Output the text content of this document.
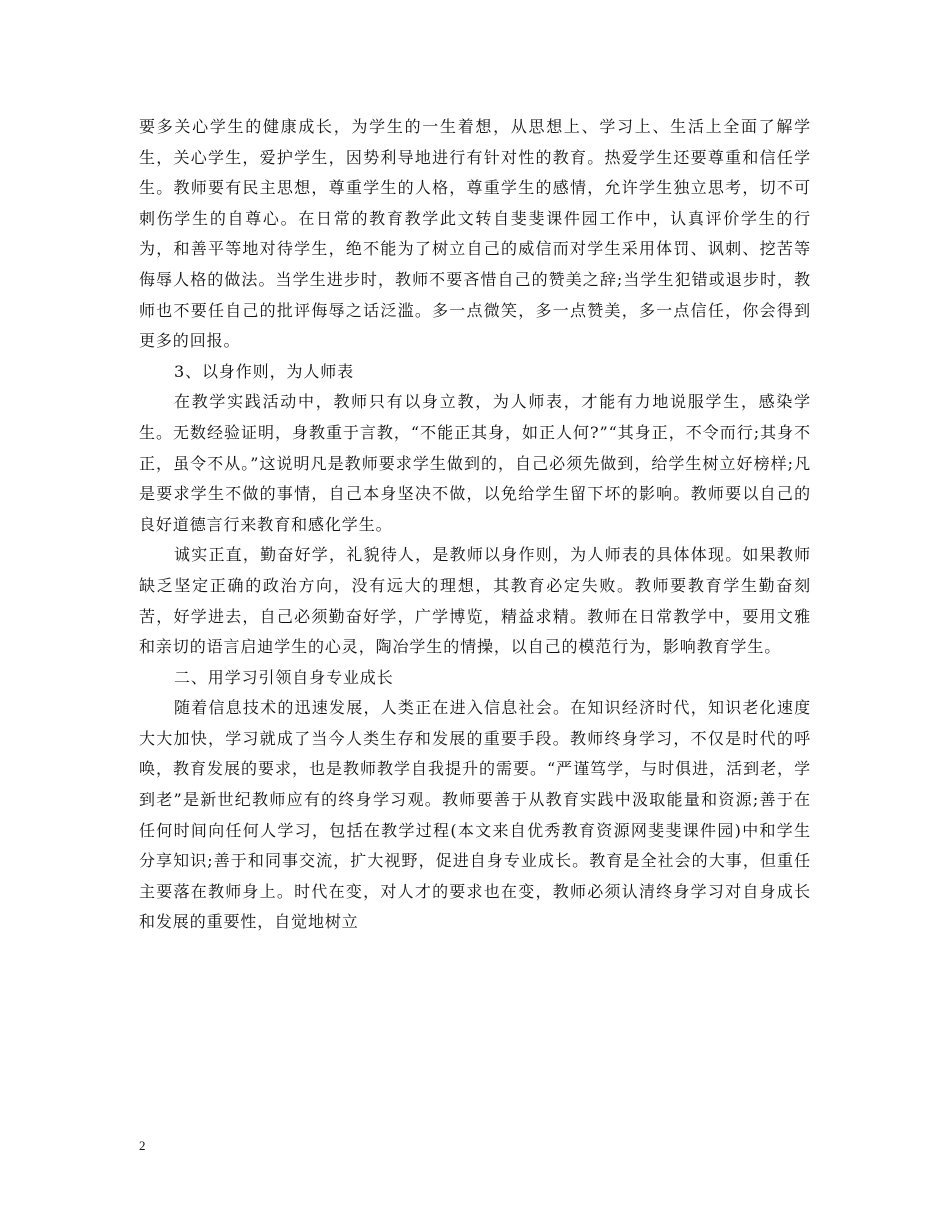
要多关心学生的健康成长，为学生的一生着想，从思想上、学习上、生活上全面了解学生，关心学生，爱护学生，因势利导地进行有针对性的教育。热爱学生还要尊重和信任学生。教师要有民主思想，尊重学生的人格，尊重学生的感情，允许学生独立思考，切不可刺伤学生的自尊心。在日常的教育教学此文转自斐斐课件园工作中，认真评价学生的行为，和善平等地对待学生，绝不能为了树立自己的威信而对学生采用体罚、讽刺、挖苦等侮辱人格的做法。当学生进步时，教师不要吝惜自己的赞美之辞;当学生犯错或退步时，教师也不要任自己的批评侮辱之话泛滥。多一点微笑，多一点赞美，多一点信任，你会得到更多的回报。

3、以身作则，为人师表

在教学实践活动中，教师只有以身立教，为人师表，才能有力地说服学生，感染学生。无数经验证明，身教重于言教，“不能正其身，如正人何?”“其身正，不令而行;其身不正，虽令不从。”这说明凡是教师要求学生做到的，自己必须先做到，给学生树立好榜样;凡是要求学生不做的事情，自己本身坚决不做，以免给学生留下坏的影响。教师要以自己的良好道德言行来教育和感化学生。

诚实正直，勤奋好学，礼貌待人，是教师以身作则，为人师表的具体体现。如果教师缺乏坚定正确的政治方向，没有远大的理想，其教育必定失败。教师要教育学生勤奋刻苦，好学进去，自己必须勤奋好学，广学博览，精益求精。教师在日常教学中，要用文雅和亲切的语言启迪学生的心灵，陶冶学生的情操，以自己的模范行为，影响教育学生。

二、用学习引领自身专业成长

随着信息技术的迅速发展，人类正在进入信息社会。在知识经济时代，知识老化速度大大加快，学习就成了当今人类生存和发展的重要手段。教师终身学习，不仅是时代的呼唤，教育发展的要求，也是教师教学自我提升的需要。“严谨笃学，与时俱进，活到老，学到老”是新世纪教师应有的终身学习观。教师要善于从教育实践中汲取能量和资源;善于在任何时间向任何人学习，包括在教学过程(本文来自优秀教育资源网斐斐课件园)中和学生分享知识;善于和同事交流，扩大视野，促进自身专业成长。教育是全社会的大事，但重任主要落在教师身上。时代在变，对人才的要求也在变，教师必须认清终身学习对自身成长和发展的重要性，自觉地树立

2
